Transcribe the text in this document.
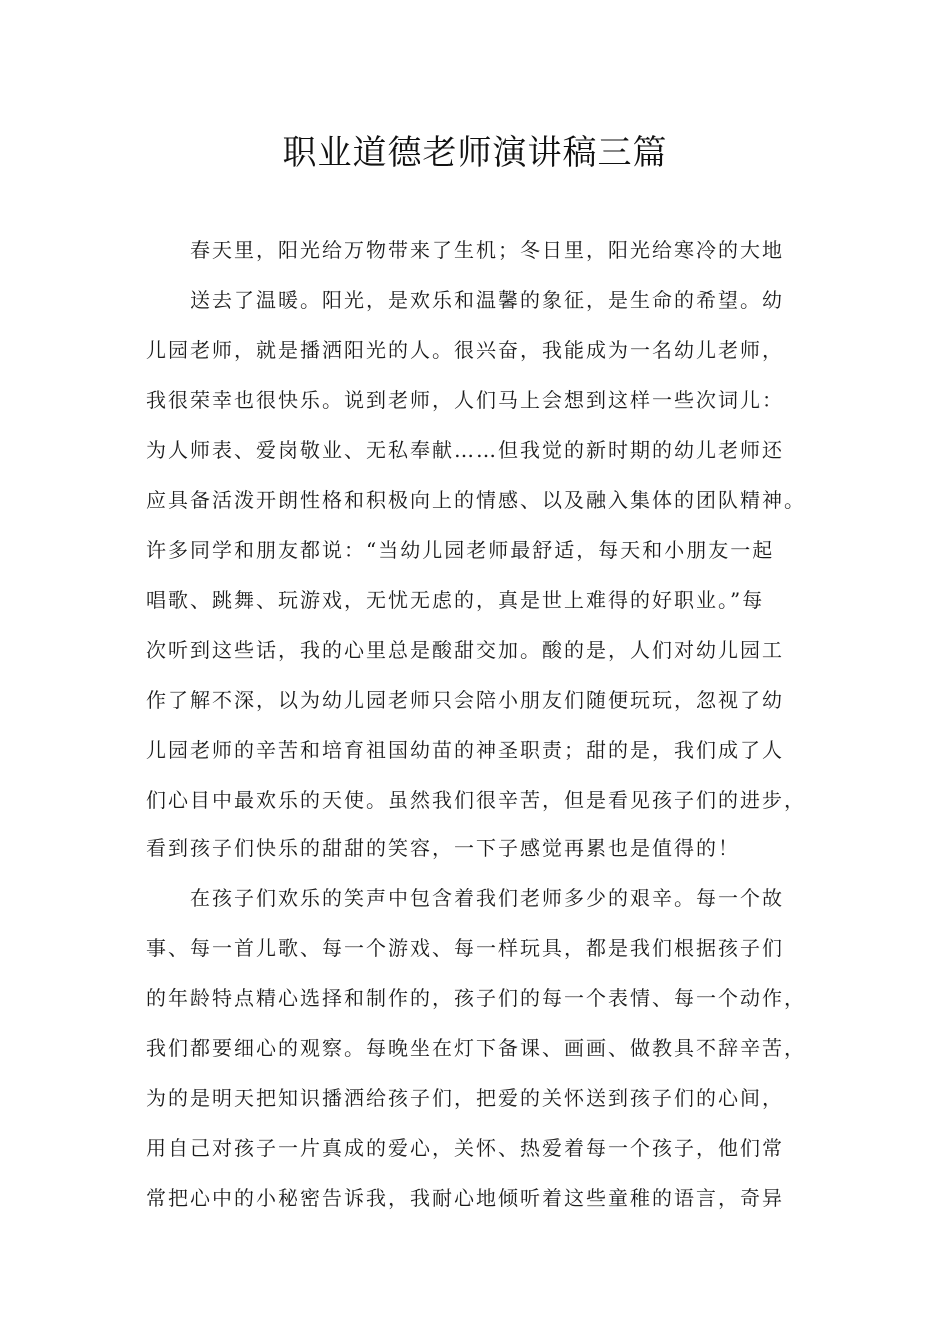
职业道德老师演讲稿三篇
春天里，阳光给万物带来了生机；冬日里，阳光给寒冷的大地
送去了温暖。阳光，是欢乐和温馨的象征，是生命的希望。幼
儿园老师，就是播洒阳光的人。很兴奋，我能成为一名幼儿老师，
我很荣幸也很快乐。说到老师，人们马上会想到这样一些次词儿：
为人师表、爱岗敬业、无私奉献……但我觉的新时期的幼儿老师还
应具备活泼开朗性格和积极向上的情感、以及融入集体的团队精神。
许多同学和朋友都说：“当幼儿园老师最舒适，每天和小朋友一起
唱歌、跳舞、玩游戏，无忧无虑的，真是世上难得的好职业。”每
次听到这些话，我的心里总是酸甜交加。酸的是，人们对幼儿园工
作了解不深，以为幼儿园老师只会陪小朋友们随便玩玩，忽视了幼
儿园老师的辛苦和培育祖国幼苗的神圣职责；甜的是，我们成了人
们心目中最欢乐的天使。虽然我们很辛苦，但是看见孩子们的进步，
看到孩子们快乐的甜甜的笑容，一下子感觉再累也是值得的！
在孩子们欢乐的笑声中包含着我们老师多少的艰辛。每一个故
事、每一首儿歌、每一个游戏、每一样玩具，都是我们根据孩子们
的年龄特点精心选择和制作的，孩子们的每一个表情、每一个动作，
我们都要细心的观察。每晚坐在灯下备课、画画、做教具不辞辛苦，
为的是明天把知识播洒给孩子们，把爱的关怀送到孩子们的心间，
用自己对孩子一片真成的爱心，关怀、热爱着每一个孩子，他们常
常把心中的小秘密告诉我，我耐心地倾听着这些童稚的语言，奇异
